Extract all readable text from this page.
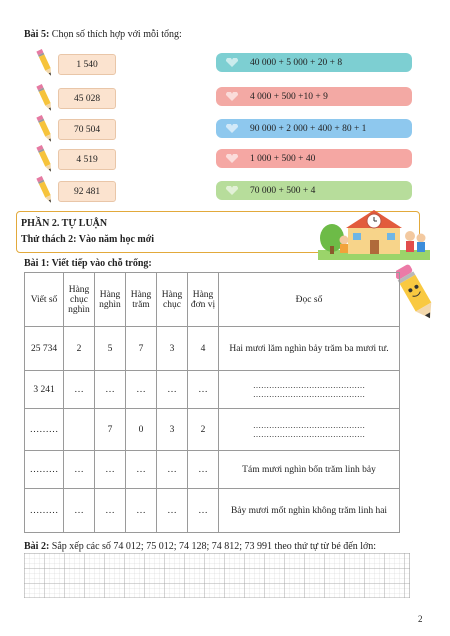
Bài 5: Chọn số thích hợp với mỗi tổng:
1 540
45 028
70 504
4 519
92 481
40 000 + 5 000 + 20 + 8
4 000 + 500 +10 + 9
90 000 + 2 000 + 400 + 80 + 1
1 000 + 500 + 40
70 000 + 500 + 4
PHẦN 2. TỰ LUẬN
Thử thách 2: Vào năm học mới
Bài 1: Viết tiếp vào chỗ trống:
Viết số	Hàng chục nghìn	Hàng nghìn	Hàng trăm	Hàng chục	Hàng đơn vị	Đọc số
25 734	2	5	7	3	4	Hai mươi lăm nghìn bảy trăm ba mươi tư.
3 241	…	…	…	…	…	…………………………………… ……………………………………
………		7	0	3	2	…………………………………… ……………………………………
………	…	…	…	…	…	Tám mươi nghìn bốn trăm linh bảy
………	…	…	…	…	…	Bảy mươi mốt nghìn không trăm linh hai
Bài 2: Sắp xếp các số 74 012; 75 012; 74 128; 74 812; 73 991 theo thứ tự từ bé đến lớn:
2
